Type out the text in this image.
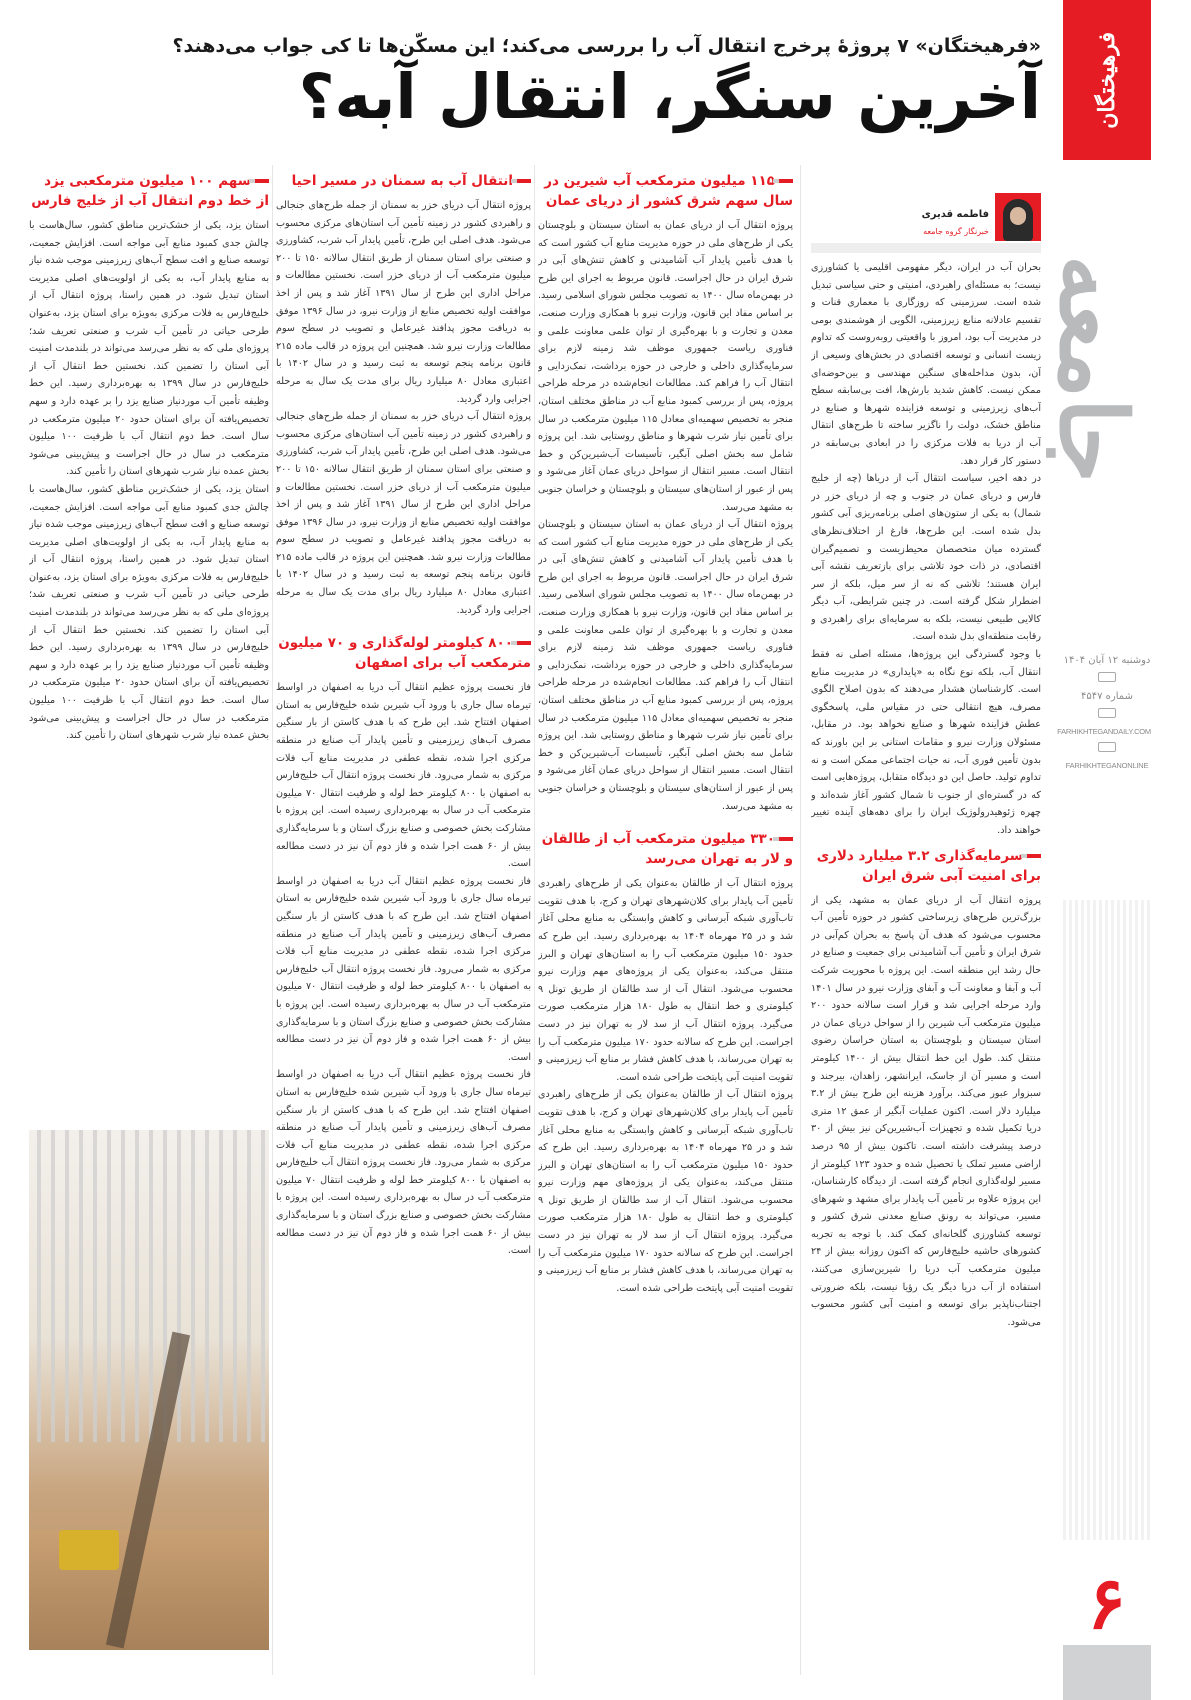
فرهیختگان
جامعه
دوشنبه ۱۲ آبان ۱۴۰۴
شماره ۴۵۴۷
FARHIKHTEGANDAILY.COM
FARHIKHTEGANONLINE
۶
«فرهیختگان» ۷ پروژۀ پرخرج انتقال آب را بررسی می‌کند؛ این مسکّن‌ها تا کی جواب می‌دهند؟
آخرین سنگر، انتقال آبه؟
فاطمه قدیری
خبرنگار گروه جامعه

بحران آب در ایران، دیگر مفهومی اقلیمی یا کشاورزی نیست؛ به مسئله‌ای راهبردی، امنیتی و حتی سیاسی تبدیل شده است. سرزمینی که روزگاری با معماری قنات و تقسیم عادلانه منابع زیرزمینی، الگویی از هوشمندی بومی در مدیریت آب بود، امروز با واقعیتی روبه‌روست که تداوم زیست انسانی و توسعه اقتصادی در بخش‌های وسیعی از آن، بدون مداخله‌های سنگین مهندسی و بین‌حوضه‌ای ممکن نیست. کاهش شدید بارش‌ها، افت بی‌سابقه سطح آب‌های زیرزمینی و توسعه فزاینده شهرها و صنایع در مناطق خشک، دولت را ناگزیر ساخته تا طرح‌های انتقال آب از دریا به فلات مرکزی را در ابعادی بی‌سابقه در دستور کار قرار دهد.

در دهه اخیر، سیاست انتقال آب از دریاها (چه از خلیج فارس و دریای عمان در جنوب و چه از دریای خزر در شمال) به یکی از ستون‌های اصلی برنامه‌ریزی آبی کشور بدل شده است. این طرح‌ها، فارغ از اختلاف‌نظرهای گسترده میان متخصصان محیط‌زیست و تصمیم‌گیران اقتصادی، در ذات خود تلاشی برای بازتعریف نقشه آبی ایران هستند؛ تلاشی که نه از سر میل، بلکه از سر اضطرار شکل گرفته است. در چنین شرایطی، آب دیگر کالایی طبیعی نیست، بلکه به سرمایه‌ای برای راهبردی و رقابت منطقه‌ای بدل شده است.

با وجود گستردگی این پروژه‌ها، مسئله اصلی نه فقط انتقال آب، بلکه نوع نگاه به «پایداری» در مدیریت منابع است. کارشناسان هشدار می‌دهند که بدون اصلاح الگوی مصرف، هیچ انتقالی حتی در مقیاس ملی، پاسخگوی عطش فزاینده شهرها و صنایع نخواهد بود. در مقابل، مسئولان وزارت نیرو و مقامات استانی بر این باورند که بدون تأمین فوری آب، نه حیات اجتماعی ممکن است و نه تداوم تولید. حاصل این دو دیدگاه متقابل، پروژه‌هایی است که در گستره‌ای از جنوب تا شمال کشور آغاز شده‌اند و چهره ژئوهیدرولوژیک ایران را برای دهه‌های آینده تغییر خواهند داد.

سرمایه‌گذاری ۳.۲ میلیارد دلاری برای امنیت آبی شرق ایران

پروژه انتقال آب از دریای عمان به مشهد، یکی از بزرگ‌ترین طرح‌های زیرساختی کشور در حوزه تأمین آب محسوب می‌شود که هدف آن پاسخ به بحران کم‌آبی در شرق ایران و تأمین آب آشامیدنی برای جمعیت و صنایع در حال رشد این منطقه است. این پروژه با محوریت شرکت آب و آبفا و معاونت آب و آبفای وزارت نیرو در سال ۱۴۰۱ وارد مرحله اجرایی شد و قرار است سالانه حدود ۲۰۰ میلیون مترمکعب آب شیرین را از سواحل دریای عمان در استان سیستان و بلوچستان به استان خراسان رضوی منتقل کند. طول این خط انتقال بیش از ۱۴۰۰ کیلومتر است و مسیر آن از جاسک، ایرانشهر، زاهدان، بیرجند و سبزوار عبور می‌کند. برآورد هزینه این طرح بیش از ۳.۲ میلیارد دلار است. اکنون عملیات آبگیر از عمق ۱۲ متری دریا تکمیل شده و تجهیزات آب‌شیرین‌کن نیز بیش از ۳۰ درصد پیشرفت داشته است. تاکنون بیش از ۹۵ درصد اراضی مسیر تملک یا تحصیل شده و حدود ۱۲۳ کیلومتر از مسیر لوله‌گذاری انجام گرفته است. از دیدگاه کارشناسان، این پروژه علاوه بر تأمین آب پایدار برای مشهد و شهرهای مسیر، می‌تواند به رونق صنایع معدنی شرق کشور و توسعه کشاورزی گلخانه‌ای کمک کند. با توجه به تجربه کشورهای حاشیه خلیج‌فارس که اکنون روزانه بیش از ۲۴ میلیون مترمکعب آب دریا را شیرین‌سازی می‌کنند، استفاده از آب دریا دیگر یک رؤیا نیست، بلکه ضرورتی اجتناب‌ناپذیر برای توسعه و امنیت آبی کشور محسوب می‌شود.

۱۱۵ میلیون مترمکعب آب شیرین در سال سهم شرق کشور از دریای عمان

پروژه انتقال آب از دریای عمان به استان سیستان و بلوچستان یکی از طرح‌های ملی در حوزه مدیریت منابع آب کشور است که با هدف تأمین پایدار آب آشامیدنی و کاهش تنش‌های آبی در شرق ایران در حال اجراست. قانون مربوط به اجرای این طرح در بهمن‌ماه سال ۱۴۰۰ به تصویب مجلس شورای اسلامی رسید. بر اساس مفاد این قانون، وزارت نیرو با همکاری وزارت صنعت، معدن و تجارت و با بهره‌گیری از توان علمی معاونت علمی و فناوری ریاست جمهوری موظف شد زمینه لازم برای سرمایه‌گذاری داخلی و خارجی در حوزه برداشت، نمک‌زدایی و انتقال آب را فراهم کند. مطالعات انجام‌شده در مرحله طراحی پروژه، پس از بررسی کمبود منابع آب در مناطق مختلف استان، منجر به تخصیص سهمیه‌ای معادل ۱۱۵ میلیون مترمکعب در سال برای تأمین نیاز شرب شهرها و مناطق روستایی شد. این پروژه شامل سه بخش اصلی آبگیر، تأسیسات آب‌شیرین‌کن و خط انتقال است. مسیر انتقال از سواحل دریای عمان آغاز می‌شود و پس از عبور از استان‌های سیستان و بلوچستان و خراسان جنوبی به مشهد می‌رسد.

پروژه انتقال آب از دریای عمان به استان سیستان و بلوچستان یکی از طرح‌های ملی در حوزه مدیریت منابع آب کشور است که با هدف تأمین پایدار آب آشامیدنی و کاهش تنش‌های آبی در شرق ایران در حال اجراست. قانون مربوط به اجرای این طرح در بهمن‌ماه سال ۱۴۰۰ به تصویب مجلس شورای اسلامی رسید. بر اساس مفاد این قانون، وزارت نیرو با همکاری وزارت صنعت، معدن و تجارت و با بهره‌گیری از توان علمی معاونت علمی و فناوری ریاست جمهوری موظف شد زمینه لازم برای سرمایه‌گذاری داخلی و خارجی در حوزه برداشت، نمک‌زدایی و انتقال آب را فراهم کند. مطالعات انجام‌شده در مرحله طراحی پروژه، پس از بررسی کمبود منابع آب در مناطق مختلف استان، منجر به تخصیص سهمیه‌ای معادل ۱۱۵ میلیون مترمکعب در سال برای تأمین نیاز شرب شهرها و مناطق روستایی شد. این پروژه شامل سه بخش اصلی آبگیر، تأسیسات آب‌شیرین‌کن و خط انتقال است. مسیر انتقال از سواحل دریای عمان آغاز می‌شود و پس از عبور از استان‌های سیستان و بلوچستان و خراسان جنوبی به مشهد می‌رسد.

۳۳۰ میلیون مترمکعب آب از طالقان و لار به تهران می‌رسد

پروژه انتقال آب از طالقان به‌عنوان یکی از طرح‌های راهبردی تأمین آب پایدار برای کلان‌شهرهای تهران و کرج، با هدف تقویت تاب‌آوری شبکه آبرسانی و کاهش وابستگی به منابع محلی آغاز شد و در ۲۵ مهرماه ۱۴۰۴ به بهره‌برداری رسید. این طرح که حدود ۱۵۰ میلیون مترمکعب آب را به استان‌های تهران و البرز منتقل می‌کند، به‌عنوان یکی از پروژه‌های مهم وزارت نیرو محسوب می‌شود. انتقال آب از سد طالقان از طریق تونل ۹ کیلومتری و خط انتقال به طول ۱۸۰ هزار مترمکعب صورت می‌گیرد. پروژه انتقال آب از سد لار به تهران نیز در دست اجراست. این طرح که سالانه حدود ۱۷۰ میلیون مترمکعب آب را به تهران می‌رساند، با هدف کاهش فشار بر منابع آب زیرزمینی و تقویت امنیت آبی پایتخت طراحی شده است.

پروژه انتقال آب از طالقان به‌عنوان یکی از طرح‌های راهبردی تأمین آب پایدار برای کلان‌شهرهای تهران و کرج، با هدف تقویت تاب‌آوری شبکه آبرسانی و کاهش وابستگی به منابع محلی آغاز شد و در ۲۵ مهرماه ۱۴۰۴ به بهره‌برداری رسید. این طرح که حدود ۱۵۰ میلیون مترمکعب آب را به استان‌های تهران و البرز منتقل می‌کند، به‌عنوان یکی از پروژه‌های مهم وزارت نیرو محسوب می‌شود. انتقال آب از سد طالقان از طریق تونل ۹ کیلومتری و خط انتقال به طول ۱۸۰ هزار مترمکعب صورت می‌گیرد. پروژه انتقال آب از سد لار به تهران نیز در دست اجراست. این طرح که سالانه حدود ۱۷۰ میلیون مترمکعب آب را به تهران می‌رساند، با هدف کاهش فشار بر منابع آب زیرزمینی و تقویت امنیت آبی پایتخت طراحی شده است.

انتقال آب به سمنان در مسیر احیا

پروژه انتقال آب دریای خزر به سمنان از جمله طرح‌های جنجالی و راهبردی کشور در زمینه تأمین آب استان‌های مرکزی محسوب می‌شود. هدف اصلی این طرح، تأمین پایدار آب شرب، کشاورزی و صنعتی برای استان سمنان از طریق انتقال سالانه ۱۵۰ تا ۲۰۰ میلیون مترمکعب آب از دریای خزر است. نخستین مطالعات و مراحل اداری این طرح از سال ۱۳۹۱ آغاز شد و پس از اخذ موافقت اولیه تخصیص منابع از وزارت نیرو، در سال ۱۳۹۶ موفق به دریافت مجوز پدافند غیرعامل و تصویب در سطح سوم مطالعات وزارت نیرو شد. همچنین این پروژه در قالب ماده ۲۱۵ قانون برنامه پنجم توسعه به ثبت رسید و در سال ۱۴۰۲ با اعتباری معادل ۸۰ میلیارد ریال برای مدت یک سال به مرحله اجرایی وارد گردید.

پروژه انتقال آب دریای خزر به سمنان از جمله طرح‌های جنجالی و راهبردی کشور در زمینه تأمین آب استان‌های مرکزی محسوب می‌شود. هدف اصلی این طرح، تأمین پایدار آب شرب، کشاورزی و صنعتی برای استان سمنان از طریق انتقال سالانه ۱۵۰ تا ۲۰۰ میلیون مترمکعب آب از دریای خزر است. نخستین مطالعات و مراحل اداری این طرح از سال ۱۳۹۱ آغاز شد و پس از اخذ موافقت اولیه تخصیص منابع از وزارت نیرو، در سال ۱۳۹۶ موفق به دریافت مجوز پدافند غیرعامل و تصویب در سطح سوم مطالعات وزارت نیرو شد. همچنین این پروژه در قالب ماده ۲۱۵ قانون برنامه پنجم توسعه به ثبت رسید و در سال ۱۴۰۲ با اعتباری معادل ۸۰ میلیارد ریال برای مدت یک سال به مرحله اجرایی وارد گردید.

۸۰۰ کیلومتر لوله‌گذاری و ۷۰ میلیون مترمکعب آب برای اصفهان

فاز نخست پروژه عظیم انتقال آب دریا به اصفهان در اواسط تیرماه سال جاری با ورود آب شیرین شده خلیج‌فارس به استان اصفهان افتتاح شد. این طرح که با هدف کاستن از بار سنگین مصرف آب‌های زیرزمینی و تأمین پایدار آب صنایع در منطقه مرکزی اجرا شده، نقطه عطفی در مدیریت منابع آب فلات مرکزی به شمار می‌رود. فاز نخست پروژه انتقال آب خلیج‌فارس به اصفهان با ۸۰۰ کیلومتر خط لوله و ظرفیت انتقال ۷۰ میلیون مترمکعب آب در سال به بهره‌برداری رسیده است. این پروژه با مشارکت بخش خصوصی و صنایع بزرگ استان و با سرمایه‌گذاری بیش از ۶۰ همت اجرا شده و فاز دوم آن نیز در دست مطالعه است.

فاز نخست پروژه عظیم انتقال آب دریا به اصفهان در اواسط تیرماه سال جاری با ورود آب شیرین شده خلیج‌فارس به استان اصفهان افتتاح شد. این طرح که با هدف کاستن از بار سنگین مصرف آب‌های زیرزمینی و تأمین پایدار آب صنایع در منطقه مرکزی اجرا شده، نقطه عطفی در مدیریت منابع آب فلات مرکزی به شمار می‌رود. فاز نخست پروژه انتقال آب خلیج‌فارس به اصفهان با ۸۰۰ کیلومتر خط لوله و ظرفیت انتقال ۷۰ میلیون مترمکعب آب در سال به بهره‌برداری رسیده است. این پروژه با مشارکت بخش خصوصی و صنایع بزرگ استان و با سرمایه‌گذاری بیش از ۶۰ همت اجرا شده و فاز دوم آن نیز در دست مطالعه است.

فاز نخست پروژه عظیم انتقال آب دریا به اصفهان در اواسط تیرماه سال جاری با ورود آب شیرین شده خلیج‌فارس به استان اصفهان افتتاح شد. این طرح که با هدف کاستن از بار سنگین مصرف آب‌های زیرزمینی و تأمین پایدار آب صنایع در منطقه مرکزی اجرا شده، نقطه عطفی در مدیریت منابع آب فلات مرکزی به شمار می‌رود. فاز نخست پروژه انتقال آب خلیج‌فارس به اصفهان با ۸۰۰ کیلومتر خط لوله و ظرفیت انتقال ۷۰ میلیون مترمکعب آب در سال به بهره‌برداری رسیده است. این پروژه با مشارکت بخش خصوصی و صنایع بزرگ استان و با سرمایه‌گذاری بیش از ۶۰ همت اجرا شده و فاز دوم آن نیز در دست مطالعه است.

سهم ۱۰۰ میلیون مترمکعبی یزد از خط دوم انتقال آب از خلیج فارس

استان یزد، یکی از خشک‌ترین مناطق کشور، سال‌هاست با چالش جدی کمبود منابع آبی مواجه است. افزایش جمعیت، توسعه صنایع و افت سطح آب‌های زیرزمینی موجب شده نیاز به منابع پایدار آب، به یکی از اولویت‌های اصلی مدیریت استان تبدیل شود. در همین راستا، پروژه انتقال آب از خلیج‌فارس به فلات مرکزی به‌ویژه برای استان یزد، به‌عنوان طرحی حیاتی در تأمین آب شرب و صنعتی تعریف شد؛ پروژه‌ای ملی که به نظر می‌رسد می‌تواند در بلندمدت امنیت آبی استان را تضمین کند. نخستین خط انتقال آب از خلیج‌فارس در سال ۱۳۹۹ به بهره‌برداری رسید. این خط وظیفه تأمین آب موردنیاز صنایع یزد را بر عهده دارد و سهم تخصیص‌یافته آن برای استان حدود ۲۰ میلیون مترمکعب در سال است. خط دوم انتقال آب با ظرفیت ۱۰۰ میلیون مترمکعب در سال در حال اجراست و پیش‌بینی می‌شود بخش عمده نیاز شرب شهرهای استان را تأمین کند.

استان یزد، یکی از خشک‌ترین مناطق کشور، سال‌هاست با چالش جدی کمبود منابع آبی مواجه است. افزایش جمعیت، توسعه صنایع و افت سطح آب‌های زیرزمینی موجب شده نیاز به منابع پایدار آب، به یکی از اولویت‌های اصلی مدیریت استان تبدیل شود. در همین راستا، پروژه انتقال آب از خلیج‌فارس به فلات مرکزی به‌ویژه برای استان یزد، به‌عنوان طرحی حیاتی در تأمین آب شرب و صنعتی تعریف شد؛ پروژه‌ای ملی که به نظر می‌رسد می‌تواند در بلندمدت امنیت آبی استان را تضمین کند. نخستین خط انتقال آب از خلیج‌فارس در سال ۱۳۹۹ به بهره‌برداری رسید. این خط وظیفه تأمین آب موردنیاز صنایع یزد را بر عهده دارد و سهم تخصیص‌یافته آن برای استان حدود ۲۰ میلیون مترمکعب در سال است. خط دوم انتقال آب با ظرفیت ۱۰۰ میلیون مترمکعب در سال در حال اجراست و پیش‌بینی می‌شود بخش عمده نیاز شرب شهرهای استان را تأمین کند.
